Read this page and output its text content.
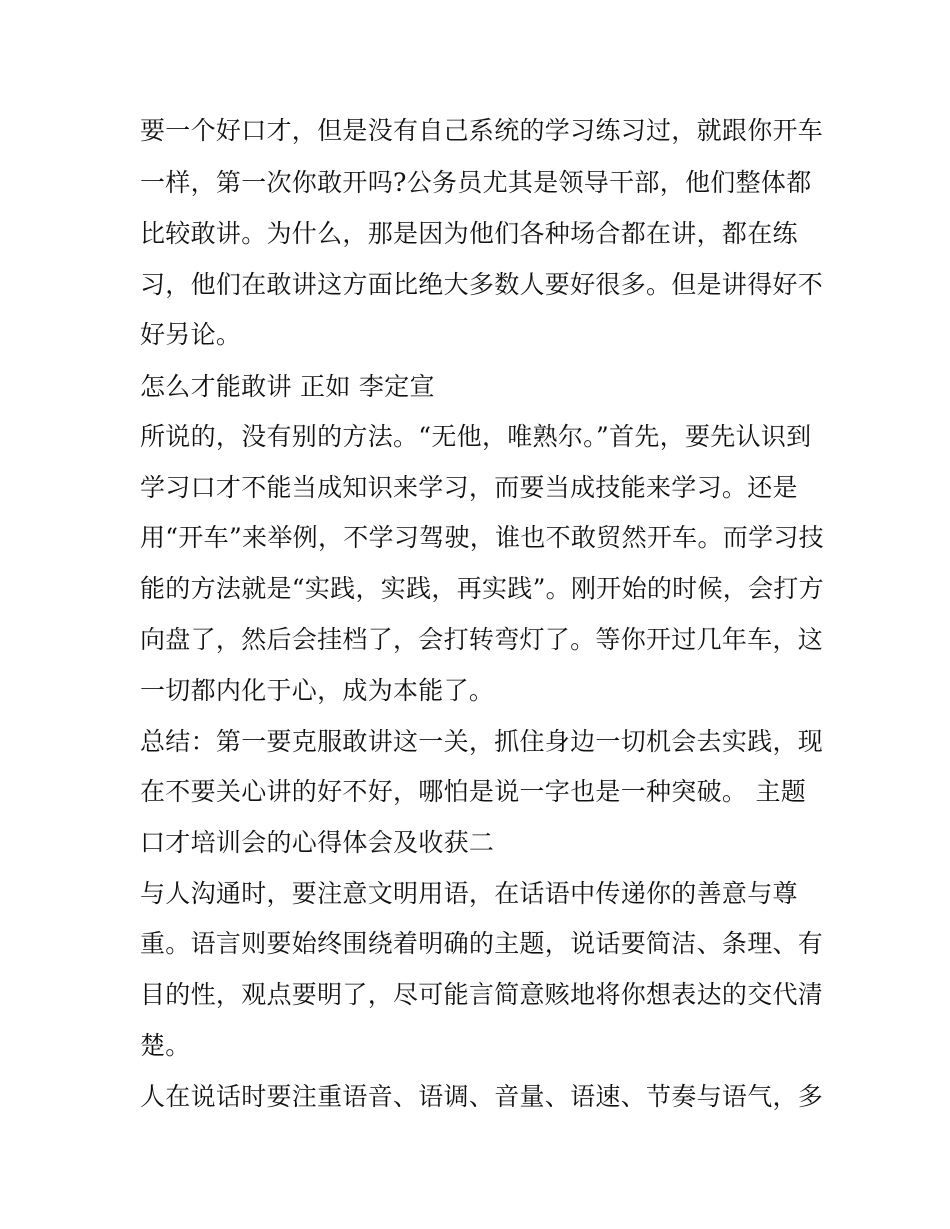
要一个好口才，但是没有自己系统的学习练习过，就跟你开车
一样，第一次你敢开吗?公务员尤其是领导干部，他们整体都
比较敢讲。为什么，那是因为他们各种场合都在讲，都在练
习，他们在敢讲这方面比绝大多数人要好很多。但是讲得好不
好另论。
怎么才能敢讲 正如 李定宣
所说的，没有别的方法。“无他，唯熟尔。”首先，要先认识到
学习口才不能当成知识来学习，而要当成技能来学习。还是
用“开车”来举例，不学习驾驶，谁也不敢贸然开车。而学习技
能的方法就是“实践，实践，再实践”。刚开始的时候，会打方
向盘了，然后会挂档了，会打转弯灯了。等你开过几年车，这
一切都内化于心，成为本能了。
总结：第一要克服敢讲这一关，抓住身边一切机会去实践，现
在不要关心讲的好不好，哪怕是说一字也是一种突破。 主题
口才培训会的心得体会及收获二
与人沟通时，要注意文明用语，在话语中传递你的善意与尊
重。语言则要始终围绕着明确的主题，说话要简洁、条理、有
目的性，观点要明了，尽可能言简意赅地将你想表达的交代清
楚。
人在说话时要注重语音、语调、音量、语速、节奏与语气，多
